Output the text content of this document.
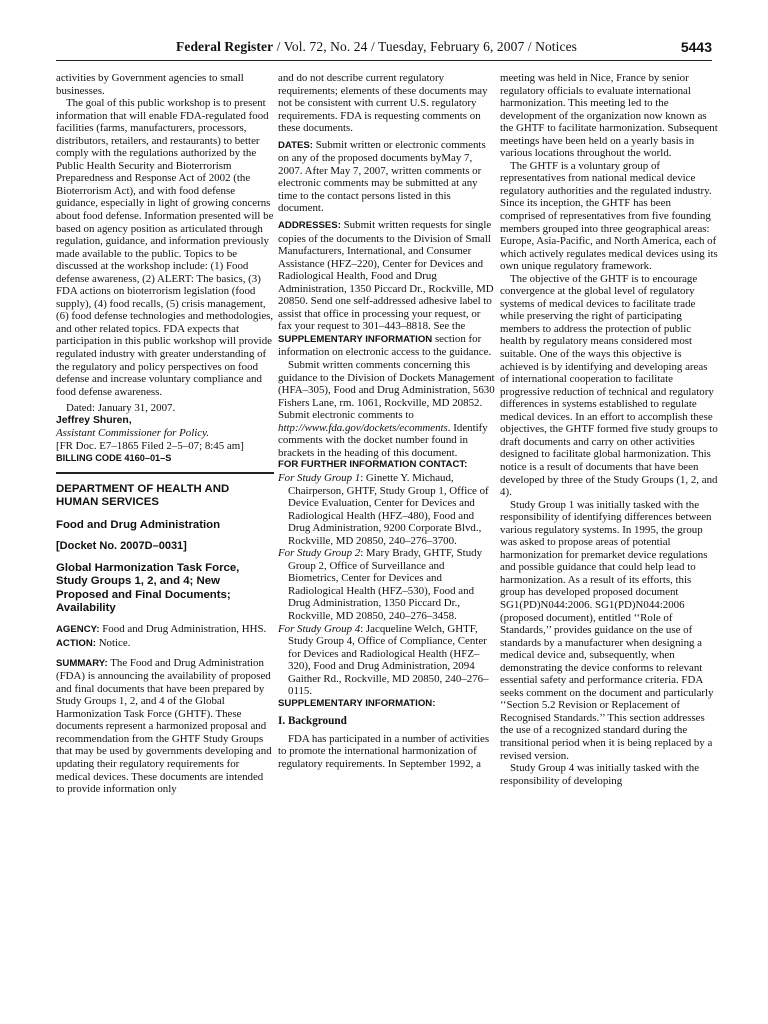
Federal Register / Vol. 72, No. 24 / Tuesday, February 6, 2007 / Notices	5443

activities by Government agencies to small businesses.

The goal of this public workshop is to present information that will enable FDA-regulated food facilities (farms, manufacturers, processors, distributors, retailers, and restaurants) to better comply with the regulations authorized by the Public Health Security and Bioterrorism Preparedness and Response Act of 2002 (the Bioterrorism Act), and with food defense guidance, especially in light of growing concerns about food defense. Information presented will be based on agency position as articulated through regulation, guidance, and information previously made available to the public. Topics to be discussed at the workshop include: (1) Food defense awareness, (2) ALERT: The basics, (3) FDA actions on bioterrorism legislation (food supply), (4) food recalls, (5) crisis management, (6) food defense technologies and methodologies, and other related topics. FDA expects that participation in this public workshop will provide regulated industry with greater understanding of the regulatory and policy perspectives on food defense and increase voluntary compliance and food defense awareness.

Dated: January 31, 2007.

Jeffrey Shuren,

Assistant Commissioner for Policy.

[FR Doc. E7–1865 Filed 2–5–07; 8:45 am]

BILLING CODE 4160–01–S

DEPARTMENT OF HEALTH AND HUMAN SERVICES

Food and Drug Administration

[Docket No. 2007D–0031]

Global Harmonization Task Force, Study Groups 1, 2, and 4; New Proposed and Final Documents; Availability

AGENCY: Food and Drug Administration, HHS.

ACTION: Notice.

SUMMARY: The Food and Drug Administration (FDA) is announcing the availability of proposed and final documents that have been prepared by Study Groups 1, 2, and 4 of the Global Harmonization Task Force (GHTF). These documents represent a harmonized proposal and recommendation from the GHTF Study Groups that may be used by governments developing and updating their regulatory requirements for medical devices. These documents are intended to provide information only

and do not describe current regulatory requirements; elements of these documents may not be consistent with current U.S. regulatory requirements. FDA is requesting comments on these documents.

DATES: Submit written or electronic comments on any of the proposed documents byMay 7, 2007. After May 7, 2007, written comments or electronic comments may be submitted at any time to the contact persons listed in this document.

ADDRESSES: Submit written requests for single copies of the documents to the Division of Small Manufacturers, International, and Consumer Assistance (HFZ–220), Center for Devices and Radiological Health, Food and Drug Administration, 1350 Piccard Dr., Rockville, MD 20850. Send one self-addressed adhesive label to assist that office in processing your request, or fax your request to 301–443–8818. See the SUPPLEMENTARY INFORMATION section for information on electronic access to the guidance.

Submit written comments concerning this guidance to the Division of Dockets Management (HFA–305), Food and Drug Administration, 5630 Fishers Lane, rm. 1061, Rockville, MD 20852. Submit electronic comments to http://www.fda.gov/dockets/ecomments. Identify comments with the docket number found in brackets in the heading of this document.

FOR FURTHER INFORMATION CONTACT:

For Study Group 1: Ginette Y. Michaud, Chairperson, GHTF, Study Group 1, Office of Device Evaluation, Center for Devices and Radiological Health (HFZ–480), Food and Drug Administration, 9200 Corporate Blvd., Rockville, MD 20850, 240–276–3700.

For Study Group 2: Mary Brady, GHTF, Study Group 2, Office of Surveillance and Biometrics, Center for Devices and Radiological Health (HFZ–530), Food and Drug Administration, 1350 Piccard Dr., Rockville, MD 20850, 240–276–3458.

For Study Group 4: Jacqueline Welch, GHTF, Study Group 4, Office of Compliance, Center for Devices and Radiological Health (HFZ–320), Food and Drug Administration, 2094 Gaither Rd., Rockville, MD 20850, 240–276–0115.

SUPPLEMENTARY INFORMATION:

I. Background

FDA has participated in a number of activities to promote the international harmonization of regulatory requirements. In September 1992, a

meeting was held in Nice, France by senior regulatory officials to evaluate international harmonization. This meeting led to the development of the organization now known as the GHTF to facilitate harmonization. Subsequent meetings have been held on a yearly basis in various locations throughout the world.

The GHTF is a voluntary group of representatives from national medical device regulatory authorities and the regulated industry. Since its inception, the GHTF has been comprised of representatives from five founding members grouped into three geographical areas: Europe, Asia-Pacific, and North America, each of which actively regulates medical devices using its own unique regulatory framework.

The objective of the GHTF is to encourage convergence at the global level of regulatory systems of medical devices to facilitate trade while preserving the right of participating members to address the protection of public health by regulatory means considered most suitable. One of the ways this objective is achieved is by identifying and developing areas of international cooperation to facilitate progressive reduction of technical and regulatory differences in systems established to regulate medical devices. In an effort to accomplish these objectives, the GHTF formed five study groups to draft documents and carry on other activities designed to facilitate global harmonization. This notice is a result of documents that have been developed by three of the Study Groups (1, 2, and 4).

Study Group 1 was initially tasked with the responsibility of identifying differences between various regulatory systems. In 1995, the group was asked to propose areas of potential harmonization for premarket device regulations and possible guidance that could help lead to harmonization. As a result of its efforts, this group has developed proposed document SG1(PD)N044:2006. SG1(PD)N044:2006 (proposed document), entitled ‘‘Role of Standards,’’ provides guidance on the use of standards by a manufacturer when designing a medical device and, subsequently, when demonstrating the device conforms to relevant essential safety and performance criteria. FDA seeks comment on the document and particularly ‘‘Section 5.2 Revision or Replacement of Recognised Standards.’’ This section addresses the use of a recognized standard during the transitional period when it is being replaced by a revised version.

Study Group 4 was initially tasked with the responsibility of developing
